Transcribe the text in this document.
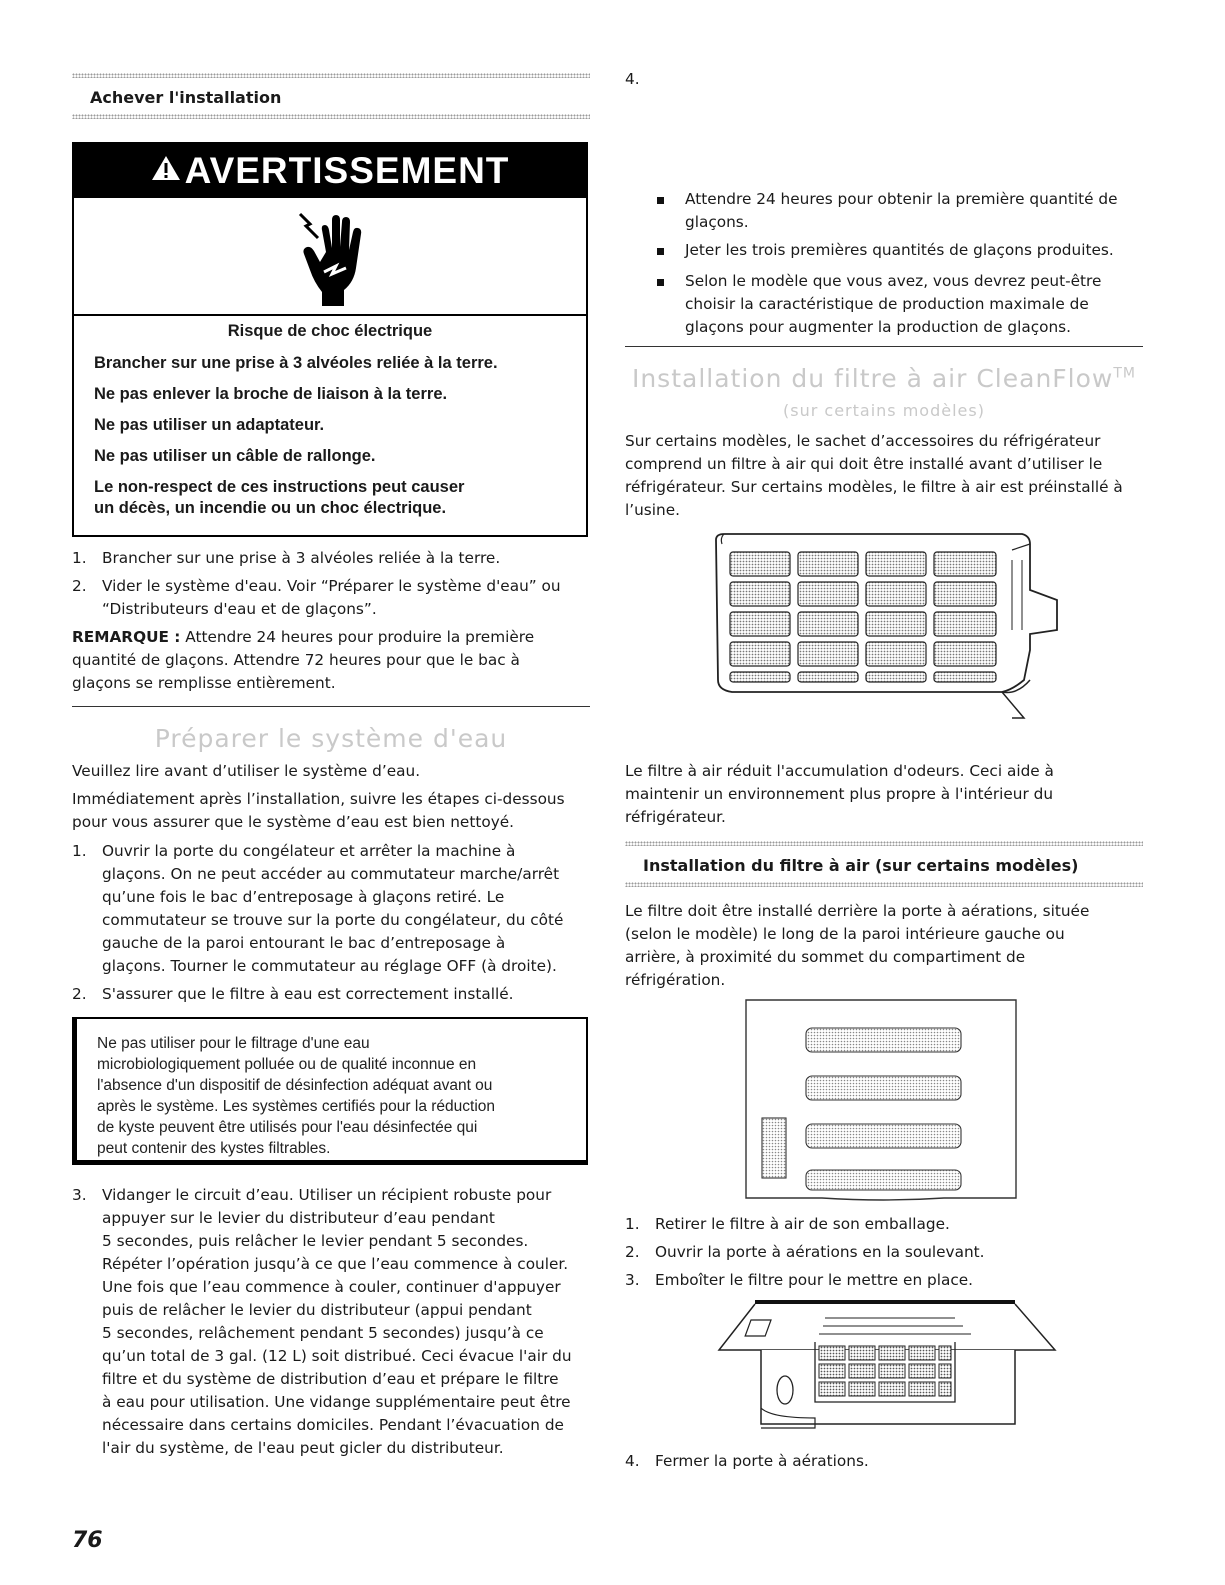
Achever l'installation
AVERTISSEMENT
Risque de choc électrique
Brancher sur une prise à 3 alvéoles reliée à la terre.
Ne pas enlever la broche de liaison à la terre.
Ne pas utiliser un adaptateur.
Ne pas utiliser un câble de rallonge.
Le non-respect de ces instructions peut causer
un décès, un incendie ou un choc électrique.
1. Brancher sur une prise à 3 alvéoles reliée à la terre.
2. Vider le système d'eau. Voir “Préparer le système d'eau” ou
“Distributeurs d'eau et de glaçons”.
REMARQUE : Attendre 24 heures pour produire la première
quantité de glaçons. Attendre 72 heures pour que le bac à
glaçons se remplisse entièrement.
Préparer le système d'eau
Veuillez lire avant d’utiliser le système d’eau.
Immédiatement après l’installation, suivre les étapes ci-dessous
pour vous assurer que le système d’eau est bien nettoyé.
1. Ouvrir la porte du congélateur et arrêter la machine à
glaçons. On ne peut accéder au commutateur marche/arrêt
qu’une fois le bac d’entreposage à glaçons retiré. Le
commutateur se trouve sur la porte du congélateur, du côté
gauche de la paroi entourant le bac d’entreposage à
glaçons. Tourner le commutateur au réglage OFF (à droite).
2. S'assurer que le filtre à eau est correctement installé.
Ne pas utiliser pour le filtrage d'une eau
microbiologiquement polluée ou de qualité inconnue en
l'absence d'un dispositif de désinfection adéquat avant ou
après le système. Les systèmes certifiés pour la réduction
de kyste peuvent être utilisés pour l'eau désinfectée qui
peut contenir des kystes filtrables.
3. Vidanger le circuit d’eau. Utiliser un récipient robuste pour
appuyer sur le levier du distributeur d’eau pendant
5 secondes, puis relâcher le levier pendant 5 secondes.
Répéter l’opération jusqu’à ce que l’eau commence à couler.
Une fois que l’eau commence à couler, continuer d'appuyer
puis de relâcher le levier du distributeur (appui pendant
5 secondes, relâchement pendant 5 secondes) jusqu’à ce
qu’un total de 3 gal. (12 L) soit distribué. Ceci évacue l'air du
filtre et du système de distribution d’eau et prépare le filtre
à eau pour utilisation. Une vidange supplémentaire peut être
nécessaire dans certains domiciles. Pendant l’évacuation de
l'air du système, de l'eau peut gicler du distributeur.
4.
Attendre 24 heures pour obtenir la première quantité de
glaçons.
Jeter les trois premières quantités de glaçons produites.
Selon le modèle que vous avez, vous devrez peut-être
choisir la caractéristique de production maximale de
glaçons pour augmenter la production de glaçons.
Installation du filtre à air CleanFlow™
(sur certains modèles)
Sur certains modèles, le sachet d’accessoires du réfrigérateur
comprend un filtre à air qui doit être installé avant d’utiliser le
réfrigérateur. Sur certains modèles, le filtre à air est préinstallé à
l’usine.
Le filtre à air réduit l'accumulation d'odeurs. Ceci aide à
maintenir un environnement plus propre à l'intérieur du
réfrigérateur.
Installation du filtre à air (sur certains modèles)
Le filtre doit être installé derrière la porte à aérations, située
(selon le modèle) le long de la paroi intérieure gauche ou
arrière, à proximité du sommet du compartiment de
réfrigération.
1. Retirer le filtre à air de son emballage.
2. Ouvrir la porte à aérations en la soulevant.
3. Emboîter le filtre pour le mettre en place.
4. Fermer la porte à aérations.
76
